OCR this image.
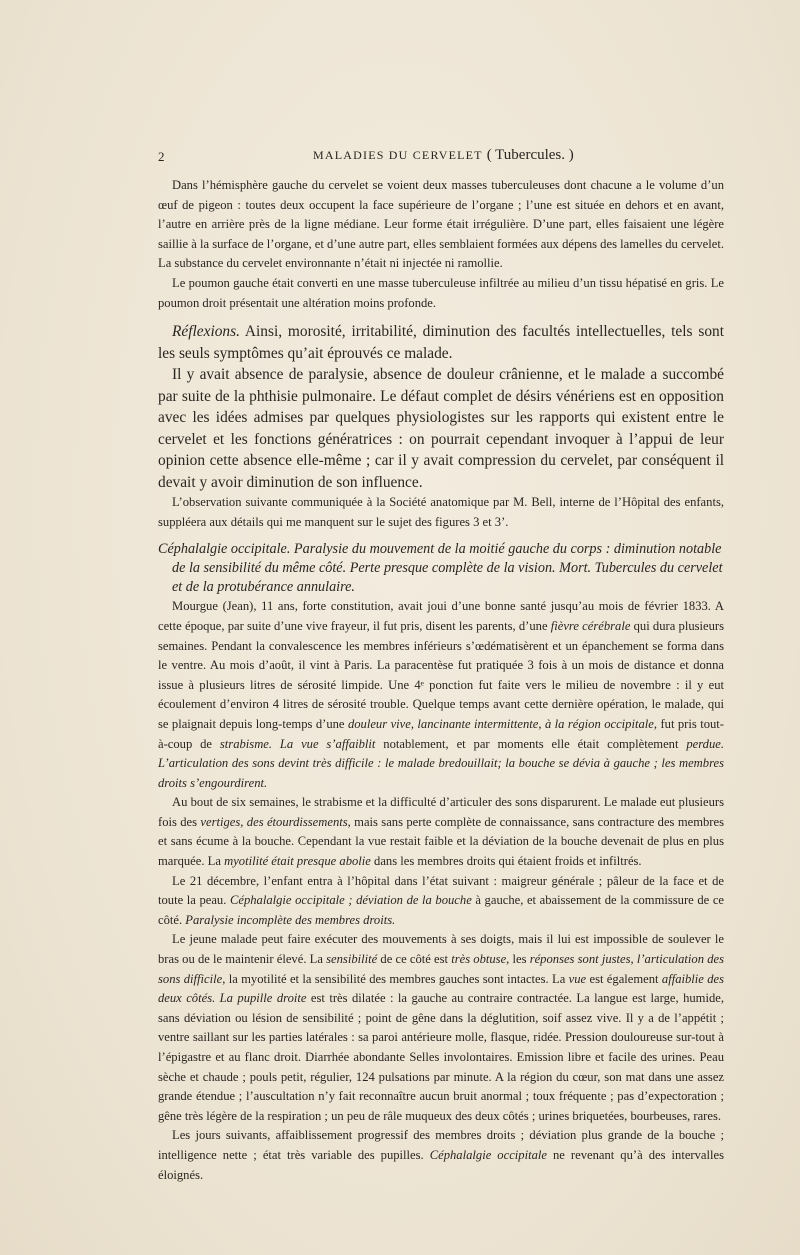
2	MALADIES DU CERVELET ( Tubercules. )

Dans l’hémisphère gauche du cervelet se voient deux masses tuberculeuses dont chacune a le volume d’un œuf de pigeon : toutes deux occupent la face supérieure de l’organe ; l’une est située en dehors et en avant, l’autre en arrière près de la ligne médiane. Leur forme était irrégulière. D’une part, elles faisaient une légère saillie à la surface de l’organe, et d’une autre part, elles semblaient formées aux dépens des lamelles du cervelet. La substance du cervelet environnante n’était ni injectée ni ramollie.

Le poumon gauche était converti en une masse tuberculeuse infiltrée au milieu d’un tissu hépatisé en gris. Le poumon droit présentait une altération moins profonde.

Réflexions. Ainsi, morosité, irritabilité, diminution des facultés intellectuelles, tels sont les seuls symptômes qu’ait éprouvés ce malade.

Il y avait absence de paralysie, absence de douleur crânienne, et le malade a succombé par suite de la phthisie pulmonaire. Le défaut complet de désirs vénériens est en opposition avec les idées admises par quelques physiologistes sur les rapports qui existent entre le cervelet et les fonctions génératrices : on pourrait cependant invoquer à l’appui de leur opinion cette absence elle-même ; car il y avait compression du cervelet, par conséquent il devait y avoir diminution de son influence.

L’observation suivante communiquée à la Société anatomique par M. Bell, interne de l’Hôpital des enfants, suppléera aux détails qui me manquent sur le sujet des figures 3 et 3’.

Céphalalgie occipitale. Paralysie du mouvement de la moitié gauche du corps : diminution notable
de la sensibilité du même côté. Perte presque complète de la vision. Mort. Tubercules du cervelet
et de la protubérance annulaire.

Mourgue (Jean), 11 ans, forte constitution, avait joui d’une bonne santé jusqu’au mois de février 1833. A cette époque, par suite d’une vive frayeur, il fut pris, disent les parents, d’une fièvre cérébrale qui dura plusieurs semaines. Pendant la convalescence les membres inférieurs s’œdématisèrent et un épanchement se forma dans le ventre. Au mois d’août, il vint à Paris. La paracentèse fut pratiquée 3 fois à un mois de distance et donna issue à plusieurs litres de sérosité limpide. Une 4ᵉ ponction fut faite vers le milieu de novembre : il y eut écoulement d’environ 4 litres de sérosité trouble. Quelque temps avant cette dernière opération, le malade, qui se plaignait depuis long-temps d’une douleur vive, lancinante intermittente, à la région occipitale, fut pris tout-à-coup de strabisme. La vue s’affaiblit notablement, et par moments elle était complètement perdue. L’articulation des sons devint très difficile : le malade bredouillait; la bouche se dévia à gauche ; les membres droits s’engourdirent.

Au bout de six semaines, le strabisme et la difficulté d’articuler des sons disparurent. Le malade eut plusieurs fois des vertiges, des étourdissements, mais sans perte complète de connaissance, sans contracture des membres et sans écume à la bouche. Cependant la vue restait faible et la déviation de la bouche devenait de plus en plus marquée. La myotilité était presque abolie dans les membres droits qui étaient froids et infiltrés.

Le 21 décembre, l’enfant entra à l’hôpital dans l’état suivant : maigreur générale ; pâleur de la face et de toute la peau. Céphalalgie occipitale ; déviation de la bouche à gauche, et abaissement de la commissure de ce côté. Paralysie incomplète des membres droits.

Le jeune malade peut faire exécuter des mouvements à ses doigts, mais il lui est impossible de soulever le bras ou de le maintenir élevé. La sensibilité de ce côté est très obtuse, les réponses sont justes, l’articulation des sons difficile, la myotilité et la sensibilité des membres gauches sont intactes. La vue est également affaiblie des deux côtés. La pupille droite est très dilatée : la gauche au contraire contractée. La langue est large, humide, sans déviation ou lésion de sensibilité ; point de gêne dans la déglutition, soif assez vive. Il y a de l’appétit ; ventre saillant sur les parties latérales : sa paroi antérieure molle, flasque, ridée. Pression douloureuse sur-tout à l’épigastre et au flanc droit. Diarrhée abondante Selles involontaires. Emission libre et facile des urines. Peau sèche et chaude ; pouls petit, régulier, 124 pulsations par minute. A la région du cœur, son mat dans une assez grande étendue ; l’auscultation n’y fait reconnaître aucun bruit anormal ; toux fréquente ; pas d’expectoration ; gêne très légère de la respiration ; un peu de râle muqueux des deux côtés ; urines briquetées, bourbeuses, rares.

Les jours suivants, affaiblissement progressif des membres droits ; déviation plus grande de la bouche ; intelligence nette ; état très variable des pupilles. Céphalalgie occipitale ne revenant qu’à des intervalles éloignés.
